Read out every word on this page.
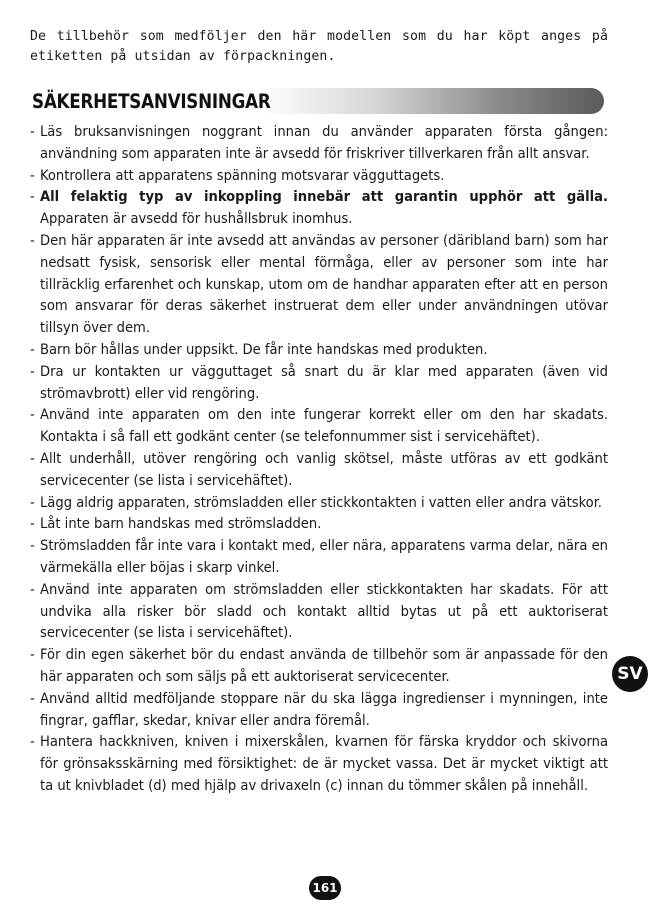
De tillbehör som medföljer den här modellen som du har köpt anges på etiketten på utsidan av förpackningen.

SÄKERHETSANVISNINGAR
- Läs bruksanvisningen noggrant innan du använder apparaten första gången: användning som apparaten inte är avsedd för friskriver tillverkaren från allt ansvar.
- Kontrollera att apparatens spänning motsvarar vägguttagets.
- All felaktig typ av inkoppling innebär att garantin upphör att gälla. Apparaten är avsedd för hushållsbruk inomhus.
- Den här apparaten är inte avsedd att användas av personer (däribland barn) som har nedsatt fysisk, sensorisk eller mental förmåga, eller av personer som inte har tillräcklig erfarenhet och kunskap, utom om de handhar apparaten efter att en person som ansvarar för deras säkerhet instruerat dem eller under användningen utövar tillsyn över dem.
- Barn bör hållas under uppsikt. De får inte handskas med produkten.
- Dra ur kontakten ur vägguttaget så snart du är klar med apparaten (även vid strömavbrott) eller vid rengöring.
- Använd inte apparaten om den inte fungerar korrekt eller om den har skadats. Kontakta i så fall ett godkänt center (se telefonnummer sist i servicehäftet).
- Allt underhåll, utöver rengöring och vanlig skötsel, måste utföras av ett godkänt servicecenter (se lista i servicehäftet).
- Lägg aldrig apparaten, strömsladden eller stickkontakten i vatten eller andra vätskor.
- Låt inte barn handskas med strömsladden.
- Strömsladden får inte vara i kontakt med, eller nära, apparatens varma delar, nära en värmekälla eller böjas i skarp vinkel.
- Använd inte apparaten om strömsladden eller stickkontakten har skadats. För att undvika alla risker bör sladd och kontakt alltid bytas ut på ett auktoriserat servicecenter (se lista i servicehäftet).
- För din egen säkerhet bör du endast använda de tillbehör som är anpassade för den här apparaten och som säljs på ett auktoriserat servicecenter.
- Använd alltid medföljande stoppare när du ska lägga ingredienser i mynningen, inte fingrar, gafflar, skedar, knivar eller andra föremål.
- Hantera hackkniven, kniven i mixerskålen, kvarnen för färska kryddor och skivorna för grönsaksskärning med försiktighet: de är mycket vassa. Det är mycket viktigt att ta ut knivbladet (d) med hjälp av drivaxeln (c) innan du tömmer skålen på innehåll.
SV
161
